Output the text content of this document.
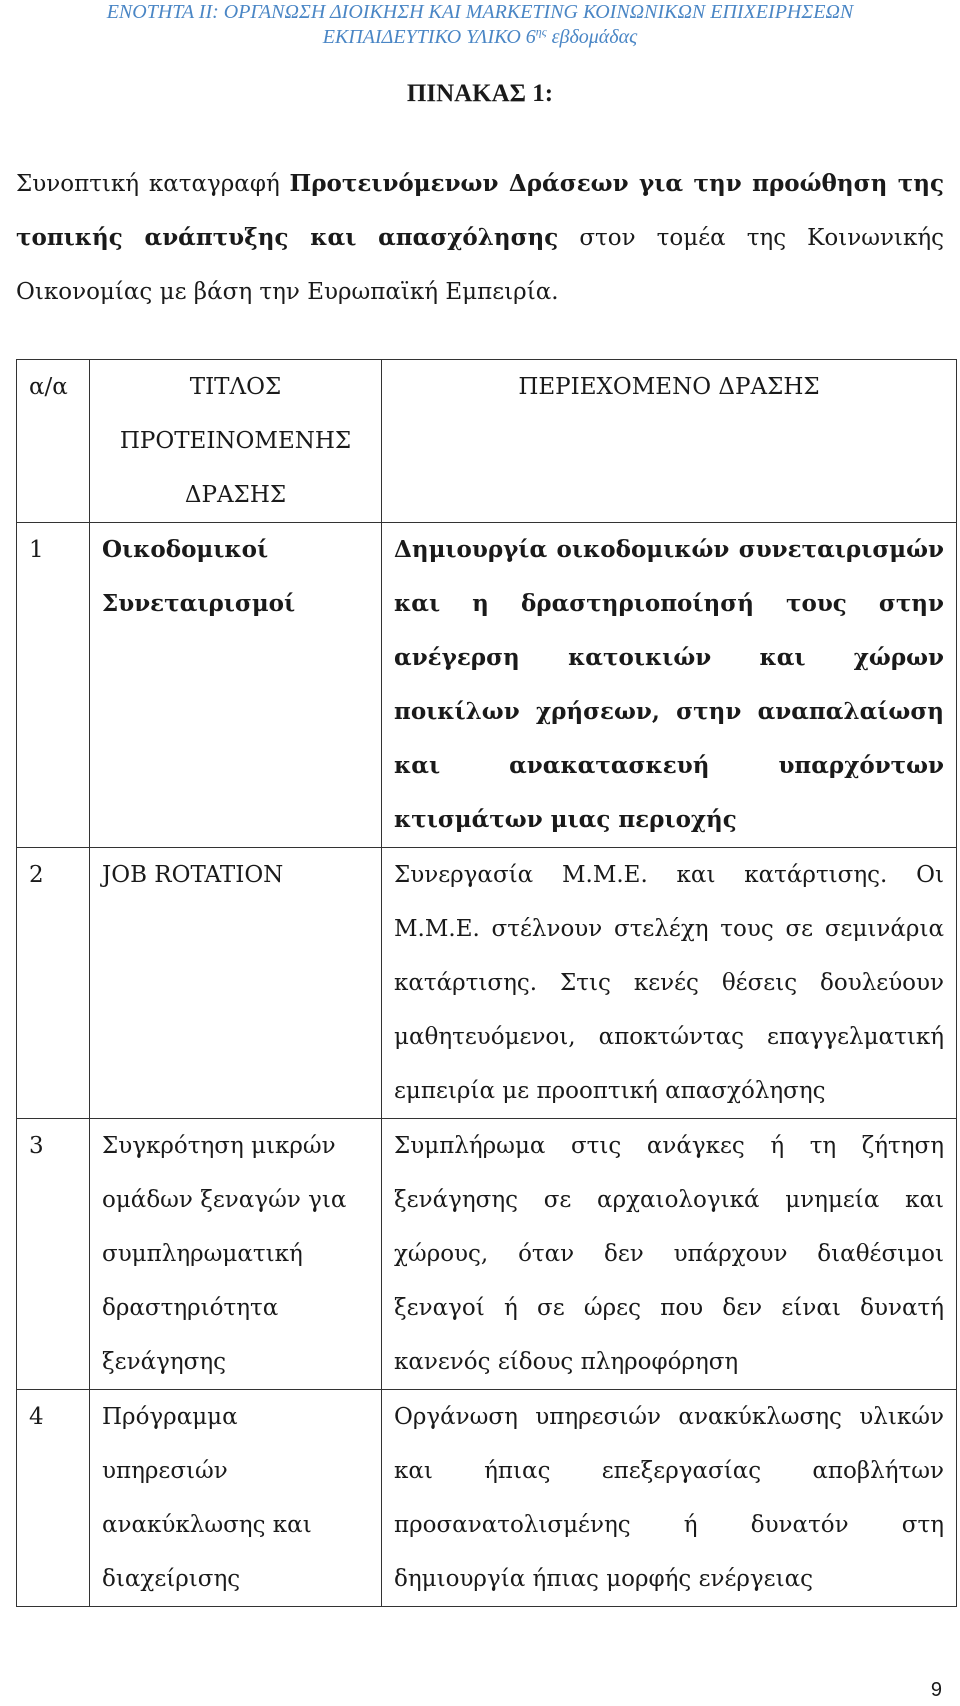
ΕΝΟΤΗΤΑ ΙΙ: ΟΡΓΑΝΩΣΗ ΔΙΟΙΚΗΣΗ ΚΑΙ MARKETING ΚΟΙΝΩΝΙΚΩΝ ΕΠΙΧΕΙΡΗΣΕΩΝ
ΕΚΠΑΙΔΕΥΤΙΚΟ ΥΛΙΚΟ $6^{\eta\varsigma}$ εβδομάδας
ΠΙΝΑΚΑΣ 1:
Συνοπτική καταγραφή Προτεινόμενων Δράσεων για την προώθηση της τοπικής ανάπτυξης και απασχόλησης στον τομέα της Κοινωνικής Οικονομίας με βάση την Ευρωπαϊκή Εμπειρία.
α/α	ΤΙΤΛΟΣ ΠΡΟΤΕΙΝΟΜΕΝΗΣ ΔΡΑΣΗΣ	ΠΕΡΙΕΧΟΜΕΝΟ ΔΡΑΣΗΣ
1	Οικοδομικοί Συνεταιρισμοί	Δημιουργία οικοδομικών συνεταιρισμών και η δραστηριοποίησή τους στην ανέγερση κατοικιών και χώρων ποικίλων χρήσεων, στην αναπαλαίωση και ανακατασκευή υπαρχόντων κτισμάτων μιας περιοχής
2	JOB ROTATION	Συνεργασία Μ.Μ.Ε. και κατάρτισης. Οι Μ.Μ.Ε. στέλνουν στελέχη τους σε σεμινάρια κατάρτισης. Στις κενές θέσεις δουλεύουν μαθητευόμενοι, αποκτώντας επαγγελματική εμπειρία με προοπτική απασχόλησης
3	Συγκρότηση μικρών ομάδων ξεναγών για συμπληρωματική δραστηριότητα ξενάγησης	Συμπλήρωμα στις ανάγκες ή τη ζήτηση ξενάγησης σε αρχαιολογικά μνημεία και χώρους, όταν δεν υπάρχουν διαθέσιμοι ξεναγοί ή σε ώρες που δεν είναι δυνατή κανενός είδους πληροφόρηση
4	Πρόγραμμα υπηρεσιών ανακύκλωσης και διαχείρισης	Οργάνωση υπηρεσιών ανακύκλωσης υλικών και ήπιας επεξεργασίας αποβλήτων προσανατολισμένης ή δυνατόν στη δημιουργία ήπιας μορφής ενέργειας
9
